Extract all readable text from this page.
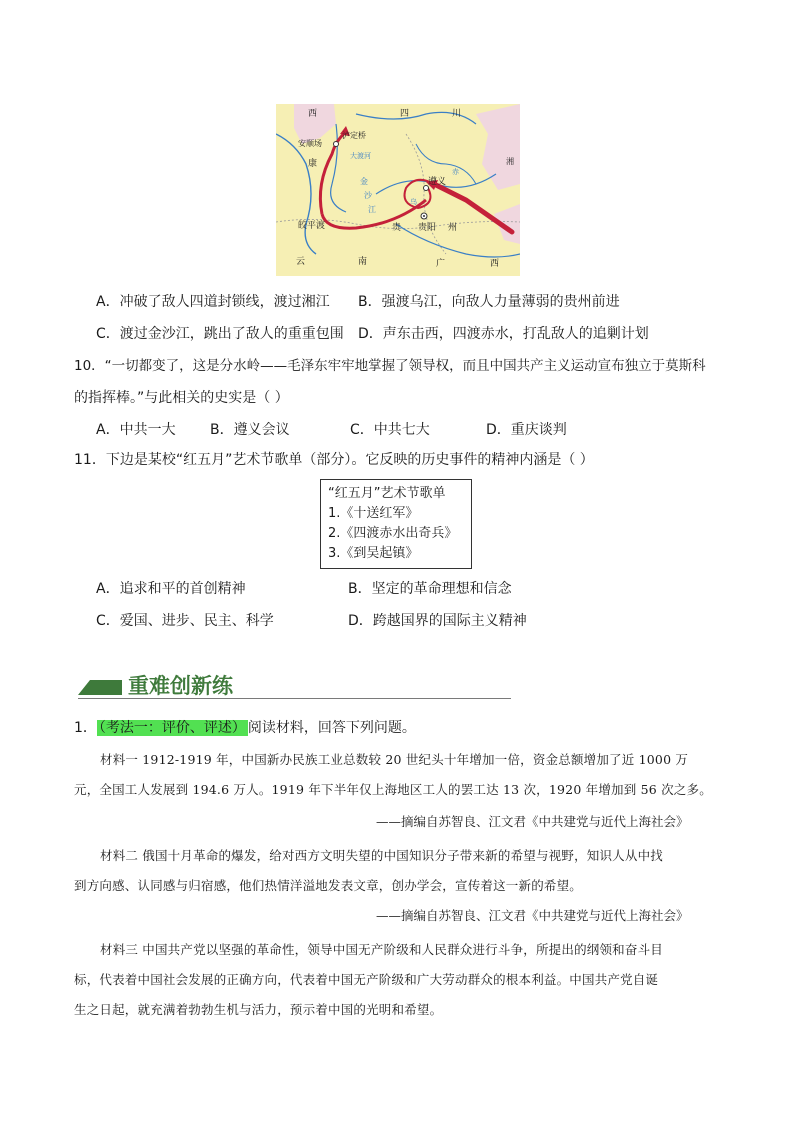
西	四	川
泸定桥
安顺场
康
大渡河
金
沙
江
皎平渡
遵义
贵阳
贵	州
云	南	广	西
乌
赤
湘
A．冲破了敌人四道封锁线，渡过湘江 B．强渡乌江，向敌人力量薄弱的贵州前进
C．渡过金沙江，跳出了敌人的重重包围 D．声东击西，四渡赤水，打乱敌人的追剿计划
10．“一切都变了，这是分水岭——毛泽东牢牢地掌握了领导权，而且中国共产主义运动宣布独立于莫斯科
的指挥棒。”与此相关的史实是（ ）
A．中共一大 B．遵义会议	C．中共七大	D．重庆谈判
11．下边是某校“红五月”艺术节歌单（部分）。它反映的历史事件的精神内涵是（ ）
“红五月”艺术节歌单
1.《十送红军》
2.《四渡赤水出奇兵》
3.《到吴起镇》
A．追求和平的首创精神	B．坚定的革命理想和信念
C．爱国、进步、民主、科学	D．跨越国界的国际主义精神
重难创新练
1． （考法一：评价、评述） 阅读材料，回答下列问题。
材料一 1912-1919 年，中国新办民族工业总数较 20 世纪头十年增加一倍，资金总额增加了近 1000 万
元，全国工人发展到 194.6 万人。1919 年下半年仅上海地区工人的罢工达 13 次，1920 年增加到 56 次之多。
——摘编自苏智良、江文君《中共建党与近代上海社会》
材料二 俄国十月革命的爆发，给对西方文明失望的中国知识分子带来新的希望与视野，知识人从中找
到方向感、认同感与归宿感，他们热情洋溢地发表文章，创办学会，宣传着这一新的希望。
——摘编自苏智良、江文君《中共建党与近代上海社会》
材料三 中国共产党以坚强的革命性，领导中国无产阶级和人民群众进行斗争，所提出的纲领和奋斗目
标，代表着中国社会发展的正确方向，代表着中国无产阶级和广大劳动群众的根本利益。中国共产党自诞
生之日起，就充满着勃勃生机与活力，预示着中国的光明和希望。
